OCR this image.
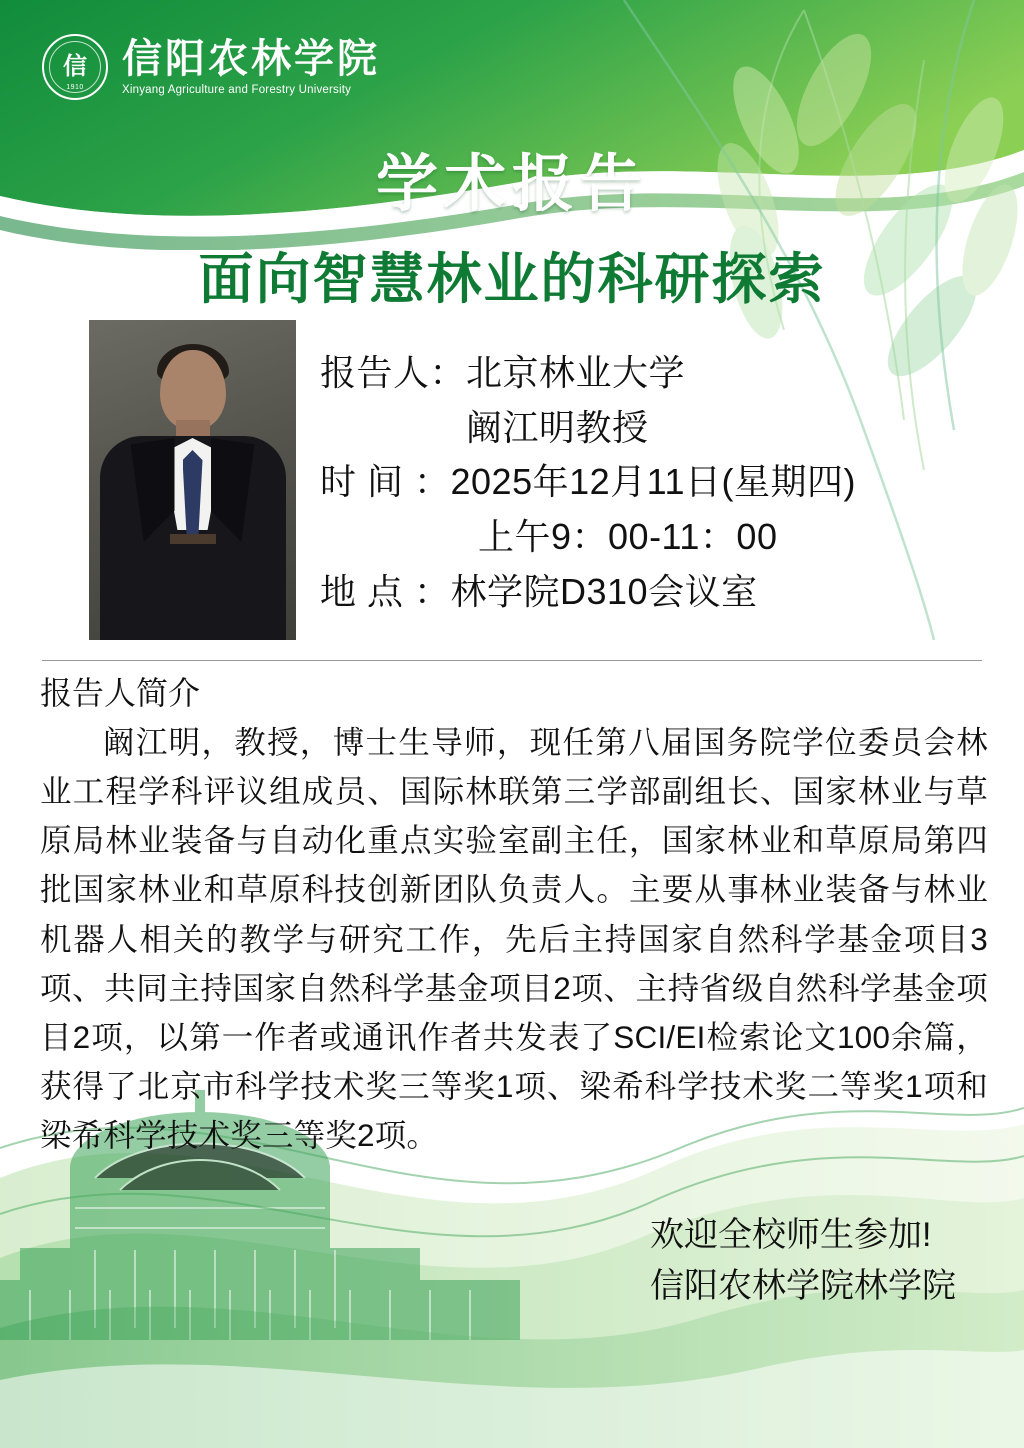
信
1910
信阳农林学院
Xinyang Agriculture and Forestry University
学术报告
面向智慧林业的科研探索
报告人：北京林业大学
阚江明教授
时 间 ：2025年12月11日(星期四)
上午9：00-11：00
地 点 ：林学院D310会议室
报告人简介
阚江明，教授，博士生导师，现任第八届国务院学位委员会林业工程学科评议组成员、国际林联第三学部副组长、国家林业与草原局林业装备与自动化重点实验室副主任，国家林业和草原局第四批国家林业和草原科技创新团队负责人。主要从事林业装备与林业机器人相关的教学与研究工作，先后主持国家自然科学基金项目3项、共同主持国家自然科学基金项目2项、主持省级自然科学基金项目2项，以第一作者或通讯作者共发表了SCI/EI检索论文100余篇，获得了北京市科学技术奖三等奖1项、梁希科学技术奖二等奖1项和梁希科学技术奖三等奖2项。
欢迎全校师生参加!
信阳农林学院林学院
